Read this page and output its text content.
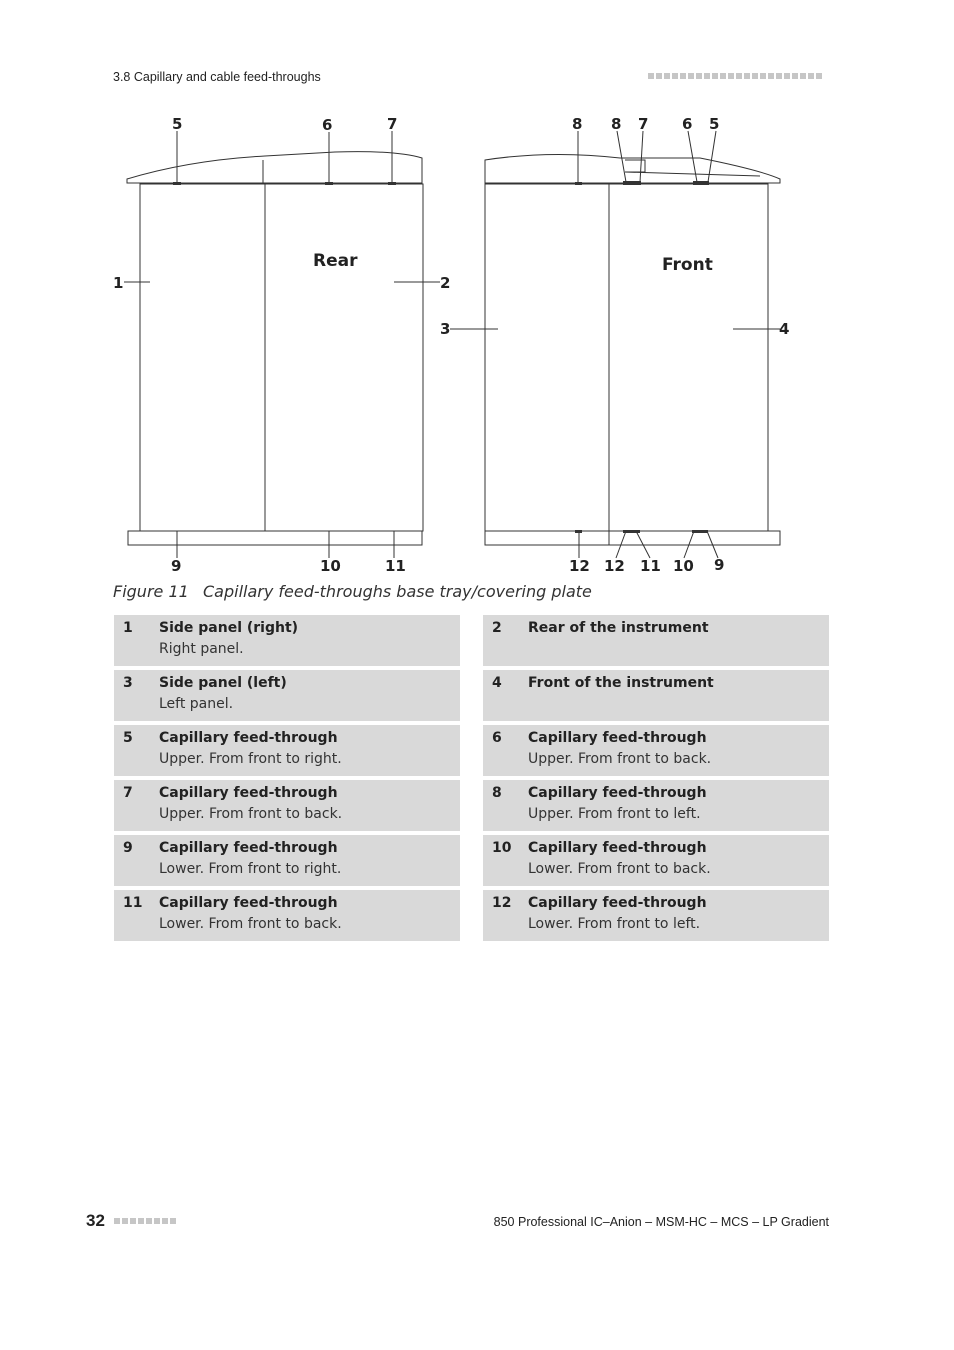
3.8 Capillary and cable feed-throughs
Rear	Front
5	6	7
1	2
9	10	11
8 8 7 6 5
3	4
12 12 11 10 9
Figure 11 Capillary feed-throughs base tray/covering plate
1 Side panel (right)
Right panel.
2 Rear of the instrument
3 Side panel (left)
Left panel.
4 Front of the instrument
5 Capillary feed-through
Upper. From front to right.
6 Capillary feed-through
Upper. From front to back.
7 Capillary feed-through
Upper. From front to back.
8 Capillary feed-through
Upper. From front to left.
9 Capillary feed-through
Lower. From front to right.
10 Capillary feed-through
Lower. From front to back.
11 Capillary feed-through
Lower. From front to back.
12 Capillary feed-through
Lower. From front to left.
32	850 Professional IC–Anion – MSM-HC – MCS – LP Gradient
